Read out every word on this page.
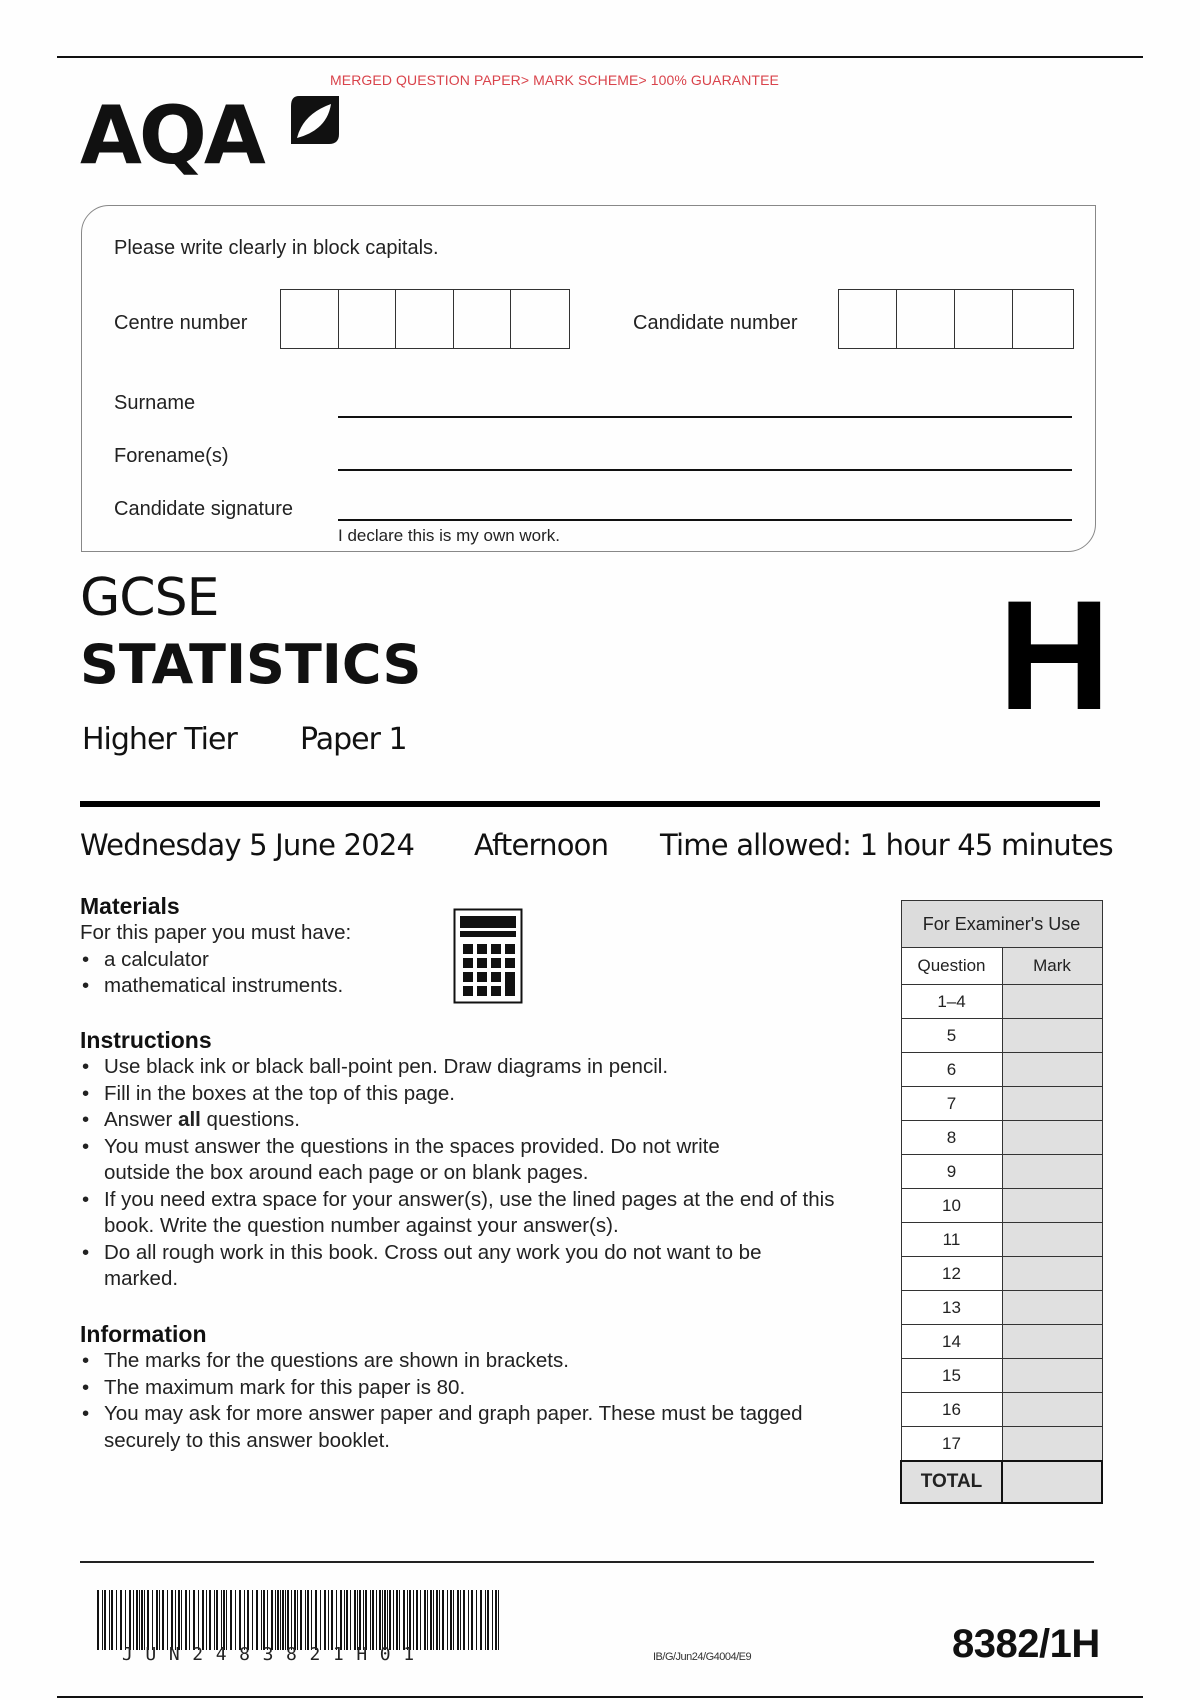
MERGED QUESTION PAPER> MARK SCHEME> 100% GUARANTEE
AQA
Please write clearly in block capitals.
Centre number	Candidate number
Surname
Forename(s)
Candidate signature
I declare this is my own work.
GCSE
STATISTICS
Higher Tier Paper 1	H
Wednesday 5 June 2024 Afternoon Time allowed: 1 hour 45 minutes
Materials
For this paper you must have:
• a calculator
• mathematical instruments.
Instructions
• Use black ink or black ball-point pen. Draw diagrams in pencil.
• Fill in the boxes at the top of this page.
• Answer all questions.
• You must answer the questions in the spaces provided. Do not write outside the box around each page or on blank pages.
• If you need extra space for your answer(s), use the lined pages at the end of this book. Write the question number against your answer(s).
• Do all rough work in this book. Cross out any work you do not want to be marked.
Information
• The marks for the questions are shown in brackets.
• The maximum mark for this paper is 80.
• You may ask for more answer paper and graph paper. These must be tagged securely to this answer booklet.
For Examiner's Use	
Question	Mark
1–4	
5	
6	
7	
8	
9	
10	
11	
12	
13	
14	
15	
16	
17	
TOTAL	
JUN2483821H01	IB/G/Jun24/G4004/E9	8382/1H
